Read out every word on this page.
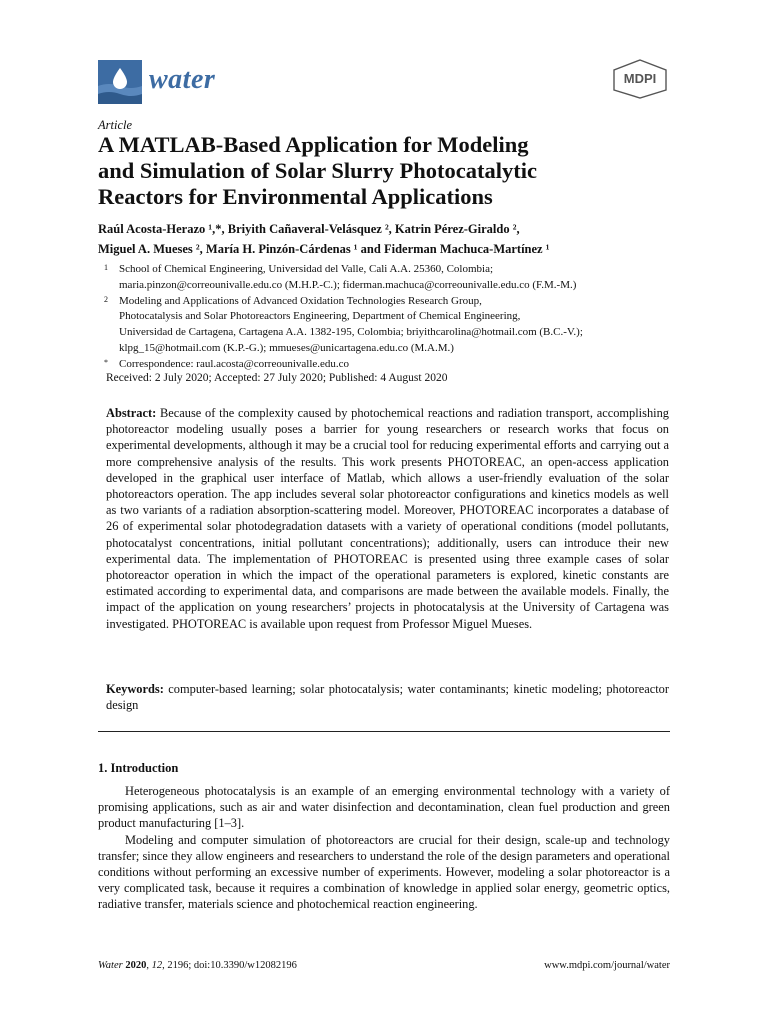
water	MDPI
Article
A MATLAB-Based Application for Modeling
and Simulation of Solar Slurry Photocatalytic
Reactors for Environmental Applications
Raúl Acosta-Herazo ¹,*, Briyith Cañaveral-Velásquez ², Katrin Pérez-Giraldo ²,
Miguel A. Mueses ², María H. Pinzón-Cárdenas ¹ and Fiderman Machuca-Martínez ¹
1 School of Chemical Engineering, Universidad del Valle, Cali A.A. 25360, Colombia;
maria.pinzon@correounivalle.edu.co (M.H.P.-C.); fiderman.machuca@correounivalle.edu.co (F.M.-M.)
2 Modeling and Applications of Advanced Oxidation Technologies Research Group,
Photocatalysis and Solar Photoreactors Engineering, Department of Chemical Engineering,
Universidad de Cartagena, Cartagena A.A. 1382-195, Colombia; briyithcarolina@hotmail.com (B.C.-V.);
klpg_15@hotmail.com (K.P.-G.); mmueses@unicartagena.edu.co (M.A.M.)
* Correspondence: raul.acosta@correounivalle.edu.co
Received: 2 July 2020; Accepted: 27 July 2020; Published: 4 August 2020
Abstract: Because of the complexity caused by photochemical reactions and radiation transport, accomplishing photoreactor modeling usually poses a barrier for young researchers or research works that focus on experimental developments, although it may be a crucial tool for reducing experimental efforts and carrying out a more comprehensive analysis of the results. This work presents PHOTOREAC, an open-access application developed in the graphical user interface of Matlab, which allows a user-friendly evaluation of the solar photoreactors operation. The app includes several solar photoreactor configurations and kinetics models as well as two variants of a radiation absorption-scattering model. Moreover, PHOTOREAC incorporates a database of 26 of experimental solar photodegradation datasets with a variety of operational conditions (model pollutants, photocatalyst concentrations, initial pollutant concentrations); additionally, users can introduce their new experimental data. The implementation of PHOTOREAC is presented using three example cases of solar photoreactor operation in which the impact of the operational parameters is explored, kinetic constants are estimated according to experimental data, and comparisons are made between the available models. Finally, the impact of the application on young researchers’ projects in photocatalysis at the University of Cartagena was investigated. PHOTOREAC is available upon request from Professor Miguel Mueses.
Keywords: computer-based learning; solar photocatalysis; water contaminants; kinetic modeling; photoreactor design
1. Introduction

Heterogeneous photocatalysis is an example of an emerging environmental technology with a variety of promising applications, such as air and water disinfection and decontamination, clean fuel production and green product manufacturing [1–3].

Modeling and computer simulation of photoreactors are crucial for their design, scale-up and technology transfer; since they allow engineers and researchers to understand the role of the design parameters and operational conditions without performing an excessive number of experiments. However, modeling a solar photoreactor is a very complicated task, because it requires a combination of knowledge in applied solar energy, geometric optics, radiative transfer, materials science and photochemical reaction engineering.

Water 2020, 12, 2196; doi:10.3390/w12082196	www.mdpi.com/journal/water
